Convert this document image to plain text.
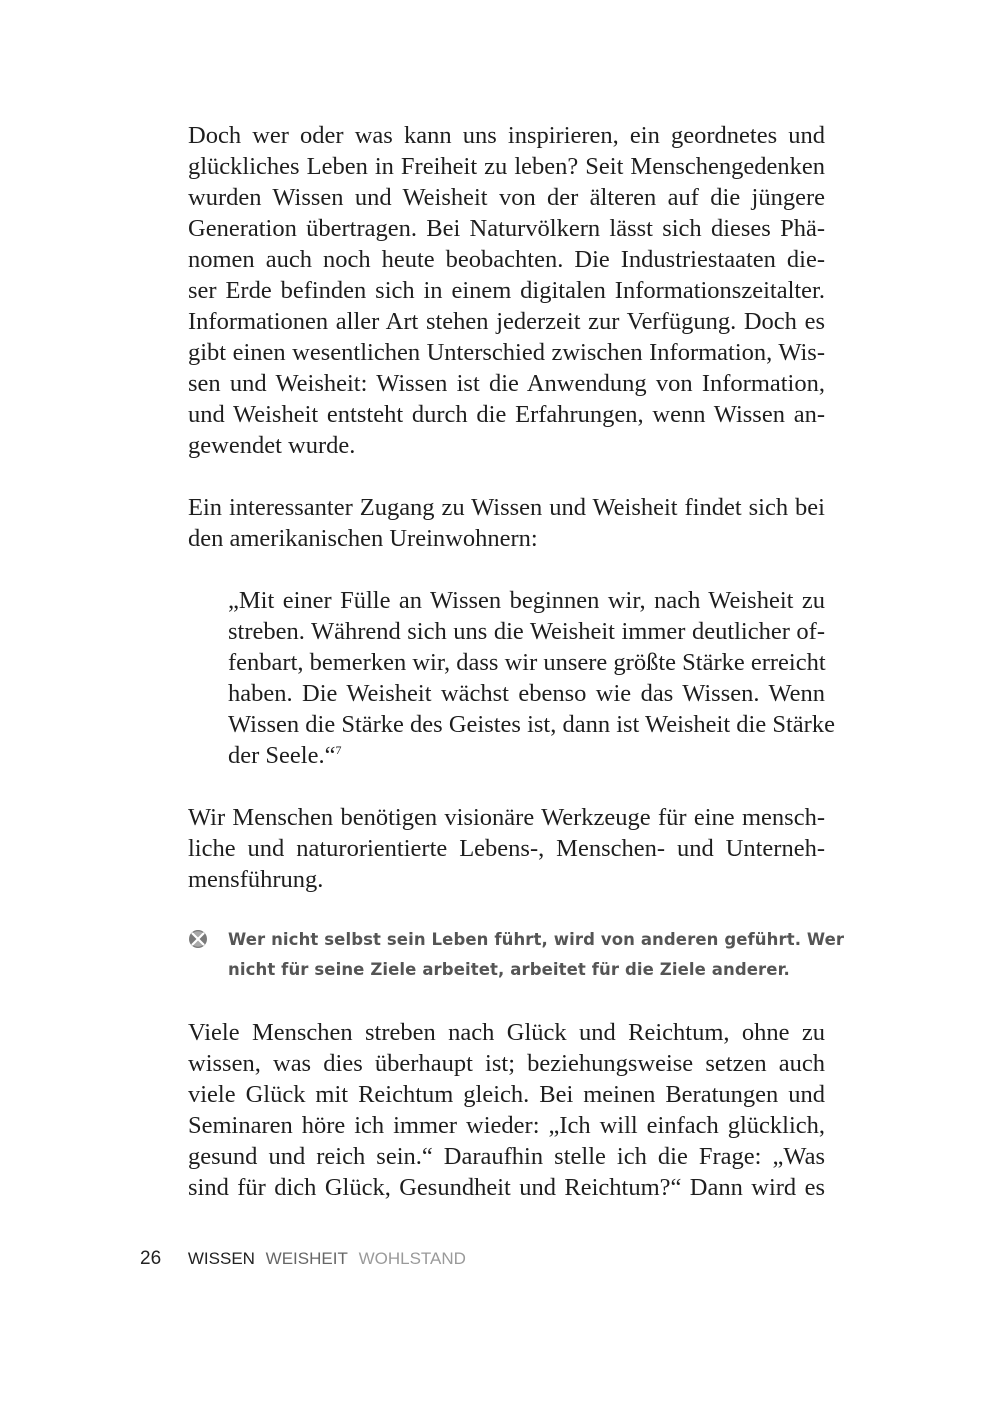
Doch wer oder was kann uns inspirieren, ein geordnetes und

glückliches Leben in Freiheit zu leben? Seit Menschengedenken

wurden Wissen und Weisheit von der älteren auf die jüngere

Generation übertragen. Bei Naturvölkern lässt sich dieses Phä-

nomen auch noch heute beobachten. Die Industriestaaten die-

ser Erde befinden sich in einem digitalen Informationszeitalter.

Informationen aller Art stehen jederzeit zur Verfügung. Doch es

gibt einen wesentlichen Unterschied zwischen Information, Wis-

sen und Weisheit: Wissen ist die Anwendung von Information,

und Weisheit entsteht durch die Erfahrungen, wenn Wissen an-

gewendet wurde.

Ein interessanter Zugang zu Wissen und Weisheit findet sich bei

den amerikanischen Ureinwohnern:

„Mit einer Fülle an Wissen beginnen wir, nach Weisheit zu

streben. Während sich uns die Weisheit immer deutlicher of-

fenbart, bemerken wir, dass wir unsere größte Stärke erreicht

haben. Die Weisheit wächst ebenso wie das Wissen. Wenn

Wissen die Stärke des Geistes ist, dann ist Weisheit die Stärke

der Seele.“$^7$

Wir Menschen benötigen visionäre Werkzeuge für eine mensch-

liche und naturorientierte Lebens-, Menschen- und Unterneh-

mensführung.

Wer nicht selbst sein Leben führt, wird von anderen geführt. Wer

nicht für seine Ziele arbeitet, arbeitet für die Ziele anderer.

Viele Menschen streben nach Glück und Reichtum, ohne zu

wissen, was dies überhaupt ist; beziehungsweise setzen auch

viele Glück mit Reichtum gleich. Bei meinen Beratungen und

Seminaren höre ich immer wieder: „Ich will einfach glücklich,

gesund und reich sein.“ Daraufhin stelle ich die Frage: „Was

sind für dich Glück, Gesundheit und Reichtum?“ Dann wird es

26 WISSEN WEISHEIT WOHLSTAND
